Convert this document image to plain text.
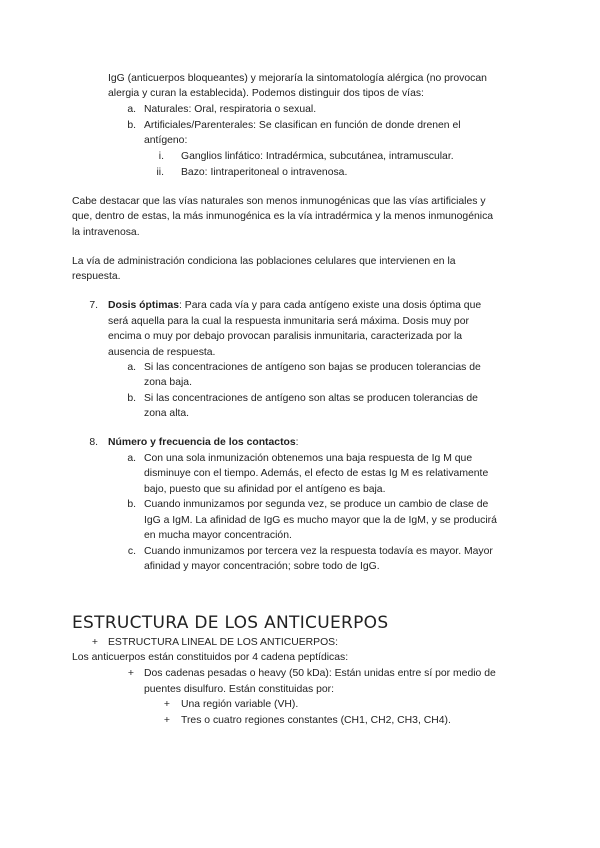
IgG (anticuerpos bloqueantes) y mejoraría la sintomatología alérgica (no provocan
alergia y curan la establecida). Podemos distinguir dos tipos de vías:
a. Naturales: Oral, respiratoria o sexual.
b. Artificiales/Parenterales: Se clasifican en función de donde drenen el
antígeno:
i. Ganglios linfático: Intradérmica, subcutánea, intramuscular.
ii. Bazo: Iintraperitoneal o intravenosa.
Cabe destacar que las vías naturales son menos inmunogénicas que las vías artificiales y
que, dentro de estas, la más inmunogénica es la vía intradérmica y la menos inmunogénica
la intravenosa.
La vía de administración condiciona las poblaciones celulares que intervienen en la
respuesta.
7. Dosis óptimas: Para cada vía y para cada antígeno existe una dosis óptima que
será aquella para la cual la respuesta inmunitaria será máxima. Dosis muy por
encima o muy por debajo provocan paralisis inmunitaria, caracterizada por la
ausencia de respuesta.
a. Si las concentraciones de antígeno son bajas se producen tolerancias de
zona baja.
b. Si las concentraciones de antígeno son altas se producen tolerancias de
zona alta.
8. Número y frecuencia de los contactos:
a. Con una sola inmunización obtenemos una baja respuesta de Ig M que
disminuye con el tiempo. Además, el efecto de estas Ig M es relativamente
bajo, puesto que su afinidad por el antígeno es baja.
b. Cuando inmunizamos por segunda vez, se produce un cambio de clase de
IgG a IgM. La afinidad de IgG es mucho mayor que la de IgM, y se producirá
en mucha mayor concentración.
c. Cuando inmunizamos por tercera vez la respuesta todavía es mayor. Mayor
afinidad y mayor concentración; sobre todo de IgG.
ESTRUCTURA DE LOS ANTICUERPOS
+ ESTRUCTURA LINEAL DE LOS ANTICUERPOS:
Los anticuerpos están constituidos por 4 cadena peptídicas:
+ Dos cadenas pesadas o heavy (50 kDa): Están unidas entre sí por medio de
puentes disulfuro. Están constituidas por:
+ Una región variable (VH).
+ Tres o cuatro regiones constantes (CH1, CH2, CH3, CH4).
